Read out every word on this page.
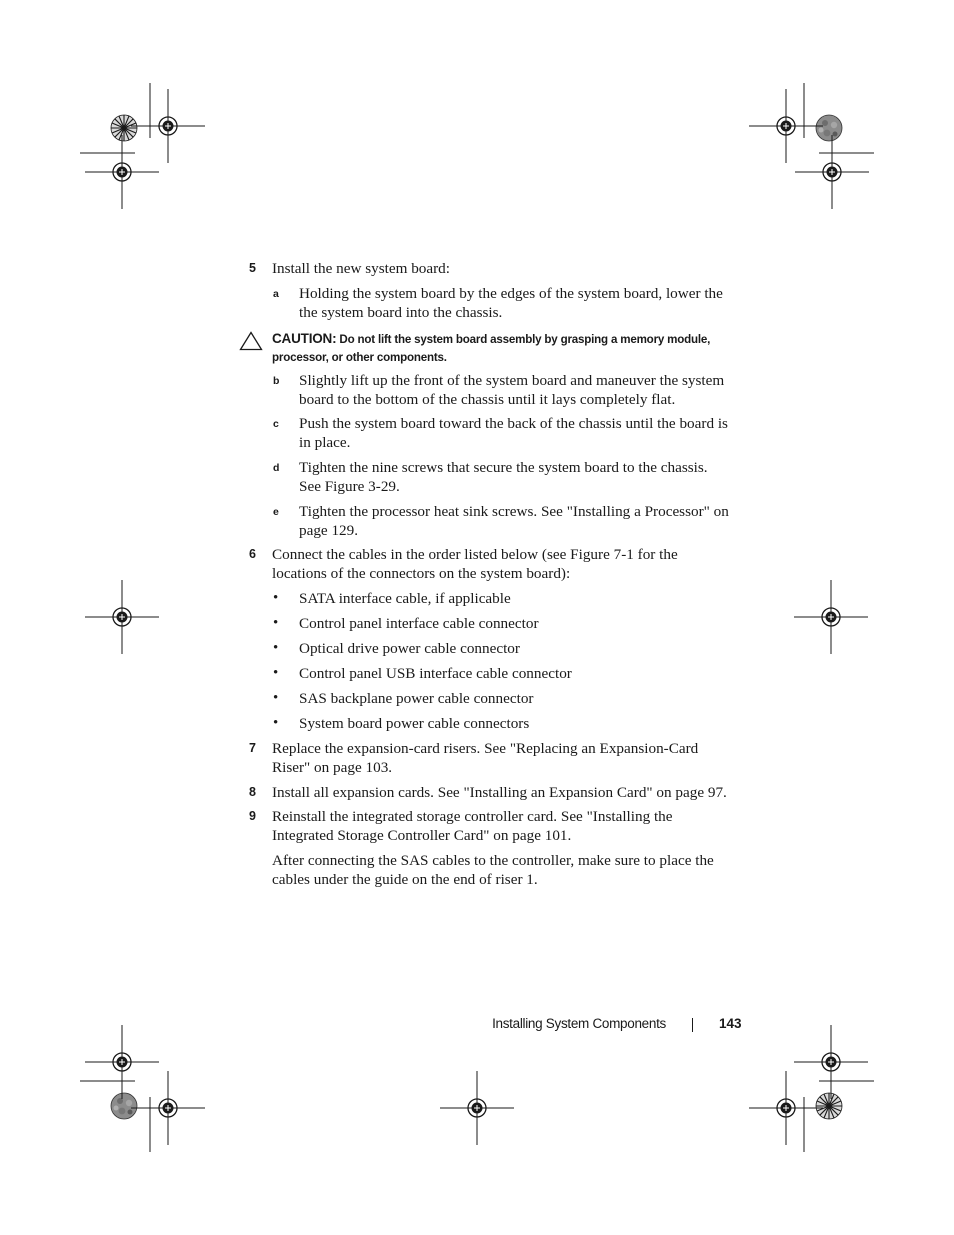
5 Install the new system board:
a Holding the system board by the edges of the system board, lower the
the system board into the chassis.
CAUTION: Do not lift the system board assembly by grasping a memory module,
processor, or other components.
b Slightly lift up the front of the system board and maneuver the system
board to the bottom of the chassis until it lays completely flat.
c Push the system board toward the back of the chassis until the board is
in place.
d Tighten the nine screws that secure the system board to the chassis.
See Figure 3-29.
e Tighten the processor heat sink screws. See "Installing a Processor" on
page 129.
6 Connect the cables in the order listed below (see Figure 7-1 for the
locations of the connectors on the system board):
• SATA interface cable, if applicable
• Control panel interface cable connector
• Optical drive power cable connector
• Control panel USB interface cable connector
• SAS backplane power cable connector
• System board power cable connectors
7 Replace the expansion-card risers. See "Replacing an Expansion-Card
Riser" on page 103.
8 Install all expansion cards. See "Installing an Expansion Card" on page 97.
9 Reinstall the integrated storage controller card. See "Installing the
Integrated Storage Controller Card" on page 101.
After connecting the SAS cables to the controller, make sure to place the
cables under the guide on the end of riser 1.
Installing System Components	143
